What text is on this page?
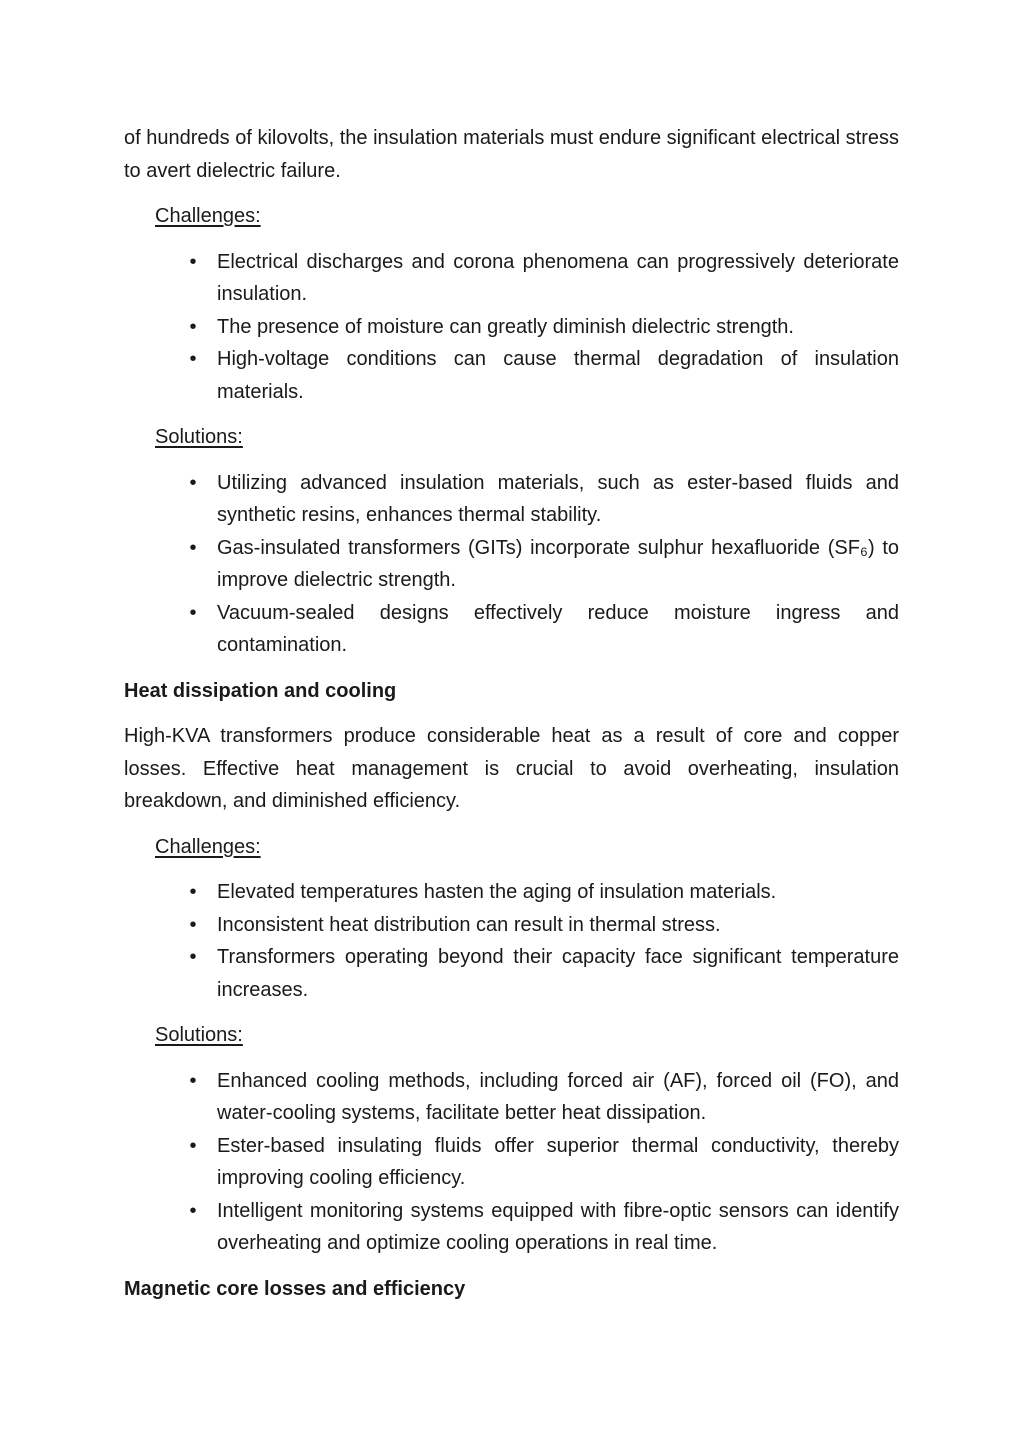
of hundreds of kilovolts, the insulation materials must endure significant electrical stress to avert dielectric failure.

Challenges:

• Electrical discharges and corona phenomena can progressively deteriorate insulation.
• The presence of moisture can greatly diminish dielectric strength.
• High-voltage conditions can cause thermal degradation of insulation materials.

Solutions:

• Utilizing advanced insulation materials, such as ester-based fluids and synthetic resins, enhances thermal stability.
• Gas-insulated transformers (GITs) incorporate sulphur hexafluoride (SF₆) to improve dielectric strength.
• Vacuum-sealed designs effectively reduce moisture ingress and contamination.

Heat dissipation and cooling

High-KVA transformers produce considerable heat as a result of core and copper losses. Effective heat management is crucial to avoid overheating, insulation breakdown, and diminished efficiency.

Challenges:

• Elevated temperatures hasten the aging of insulation materials.
• Inconsistent heat distribution can result in thermal stress.
• Transformers operating beyond their capacity face significant temperature increases.

Solutions:

• Enhanced cooling methods, including forced air (AF), forced oil (FO), and water-cooling systems, facilitate better heat dissipation.
• Ester-based insulating fluids offer superior thermal conductivity, thereby improving cooling efficiency.
• Intelligent monitoring systems equipped with fibre-optic sensors can identify overheating and optimize cooling operations in real time.

Magnetic core losses and efficiency
